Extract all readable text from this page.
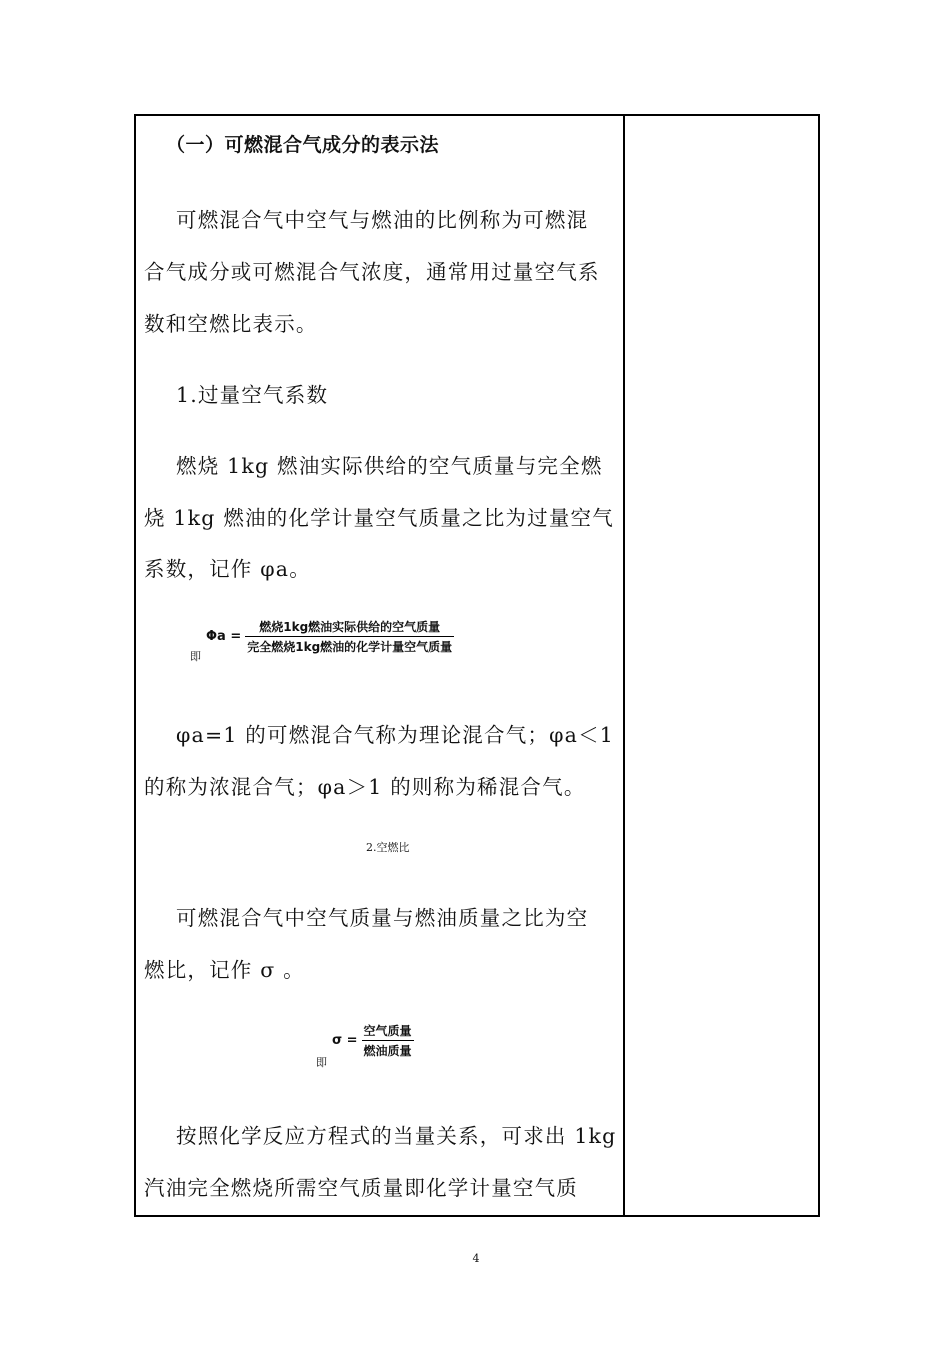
（一）可燃混合气成分的表示法
可燃混合气中空气与燃油的比例称为可燃混
合气成分或可燃混合气浓度，通常用过量空气系
数和空燃比表示。
1.过量空气系数
燃烧 1kg 燃油实际供给的空气质量与完全燃
烧 1kg 燃油的化学计量空气质量之比为过量空气
系数，记作 φa。
即
$\Phi a = \frac{\text{燃烧1kg燃油实际供给的空气质量}}{\text{完全燃烧1kg燃油的化学计量空气质量}}$
φa=1 的可燃混合气称为理论混合气；φa＜1
的称为浓混合气；φa＞1 的则称为稀混合气。
2.空燃比
可燃混合气中空气质量与燃油质量之比为空
燃比，记作 σ 。
即
$\sigma = \frac{\text{空气质量}}{\text{燃油质量}}$
按照化学反应方程式的当量关系，可求出 1kg
汽油完全燃烧所需空气质量即化学计量空气质
4
